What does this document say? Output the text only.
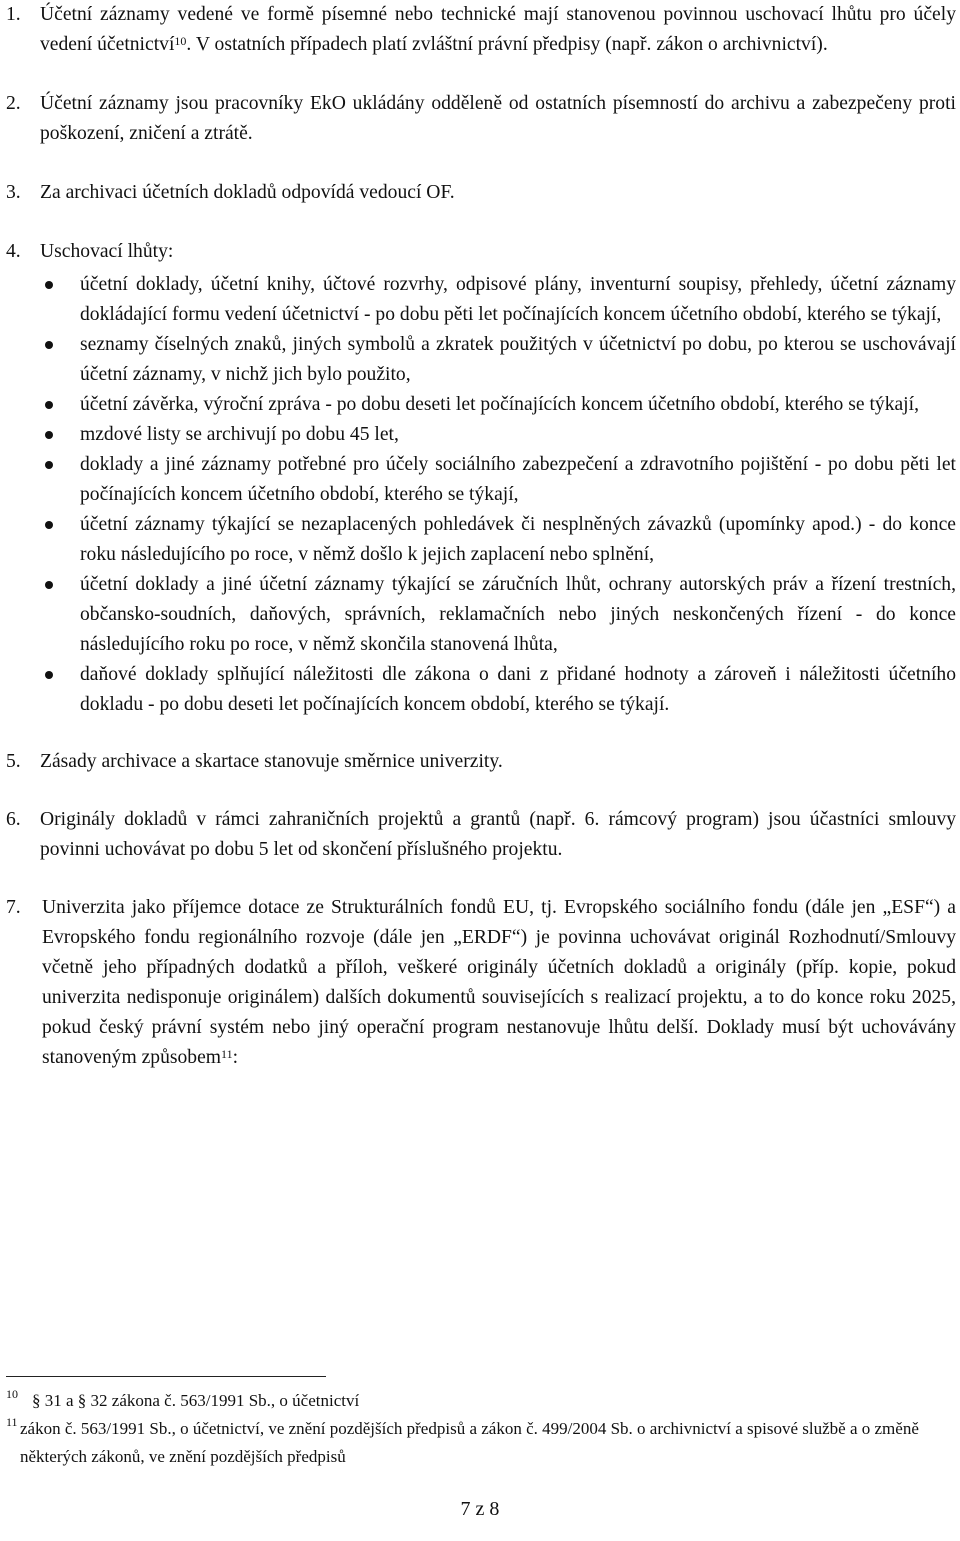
1. Účetní záznamy vedené ve formě písemné nebo technické mají stanovenou povinnou uschovací lhůtu pro účely vedení účetnictví$^{10}$. V ostatních případech platí zvláštní právní předpisy (např. zákon o archivnictví).
2. Účetní záznamy jsou pracovníky EkO ukládány odděleně od ostatních písemností do archivu a zabezpečeny proti poškození, zničení a ztrátě.
3. Za archivaci účetních dokladů odpovídá vedoucí OF.
4. Uschovací lhůty:
účetní doklady, účetní knihy, účtové rozvrhy, odpisové plány, inventurní soupisy, přehledy, účetní záznamy dokládající formu vedení účetnictví - po dobu pěti let počínajících koncem účetního období, kterého se týkají,
seznamy číselných znaků, jiných symbolů a zkratek použitých v účetnictví po dobu, po kterou se uschovávají účetní záznamy, v nichž jich bylo použito,
účetní závěrka, výroční zpráva - po dobu deseti let počínajících koncem účetního období, kterého se týkají,
mzdové listy se archivují po dobu 45 let,
doklady a jiné záznamy potřebné pro účely sociálního zabezpečení a zdravotního pojištění - po dobu pěti let počínajících koncem účetního období, kterého se týkají,
účetní záznamy týkající se nezaplacených pohledávek či nesplněných závazků (upomínky apod.) - do konce roku následujícího po roce, v němž došlo k jejich zaplacení nebo splnění,
účetní doklady a jiné účetní záznamy týkající se záručních lhůt, ochrany autorských práv a řízení trestních, občansko-soudních, daňových, správních, reklamačních nebo jiných neskončených řízení - do konce následujícího roku po roce, v němž skončila stanovená lhůta,
daňové doklady splňující náležitosti dle zákona o dani z přidané hodnoty a zároveň i náležitosti účetního dokladu - po dobu deseti let počínajících koncem období, kterého se týkají.
5. Zásady archivace a skartace stanovuje směrnice univerzity.
6. Originály dokladů v rámci zahraničních projektů a grantů (např. 6. rámcový program) jsou účastníci smlouvy povinni uchovávat po dobu 5 let od skončení příslušného projektu.
7. Univerzita jako příjemce dotace ze Strukturálních fondů EU, tj. Evropského sociálního fondu (dále jen „ESF“) a Evropského fondu regionálního rozvoje (dále jen „ERDF“) je povinna uchovávat originál Rozhodnutí/Smlouvy včetně jeho případných dodatků a příloh, veškeré originály účetních dokladů a originály (příp. kopie, pokud univerzita nedisponuje originálem) dalších dokumentů souvisejících s realizací projektu, a to do konce roku 2025, pokud český právní systém nebo jiný operační program nestanovuje lhůtu delší. Doklady musí být uchovávány stanoveným způsobem$^{11}$:
10 § 31 a § 32 zákona č. 563/1991 Sb., o účetnictví
11 zákon č. 563/1991 Sb., o účetnictví, ve znění pozdějších předpisů a zákon č. 499/2004 Sb. o archivnictví a spisové službě a o změně některých zákonů, ve znění pozdějších předpisů
7 z 8
